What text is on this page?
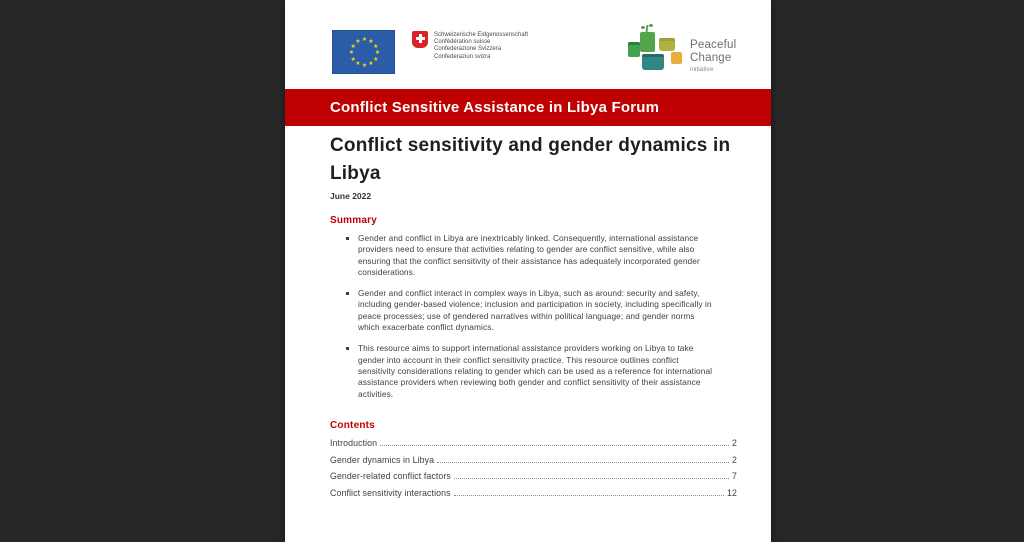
★ ★
★
★
★
★
★
★
★
★
★
★
Schweizerische Eidgenossenschaft
Confédération suisse
Confederazione Svizzera
Confederaziun svizra
Peaceful
Change
initiative
Conflict Sensitive Assistance in Libya Forum
Conflict sensitivity and gender dynamics in Libya
June 2022
Summary
Gender and conflict in Libya are inextricably linked. Consequently, international assistance providers need to ensure that activities relating to gender are conflict sensitive, while also ensuring that the conflict sensitivity of their assistance has adequately incorporated gender considerations.
Gender and conflict interact in complex ways in Libya, such as around: security and safety, including gender-based violence; inclusion and participation in society, including specifically in peace processes; use of gendered narratives within political language; and gender norms which exacerbate conflict dynamics.
This resource aims to support international assistance providers working on Libya to take gender into account in their conflict sensitivity practice. This resource outlines conflict sensitivity considerations relating to gender which can be used as a reference for international assistance providers when reviewing both gender and conflict sensitivity of their assistance activities.
Contents
Introduction	2
Gender dynamics in Libya	2
Gender-related conflict factors	7
Conflict sensitivity interactions	12
